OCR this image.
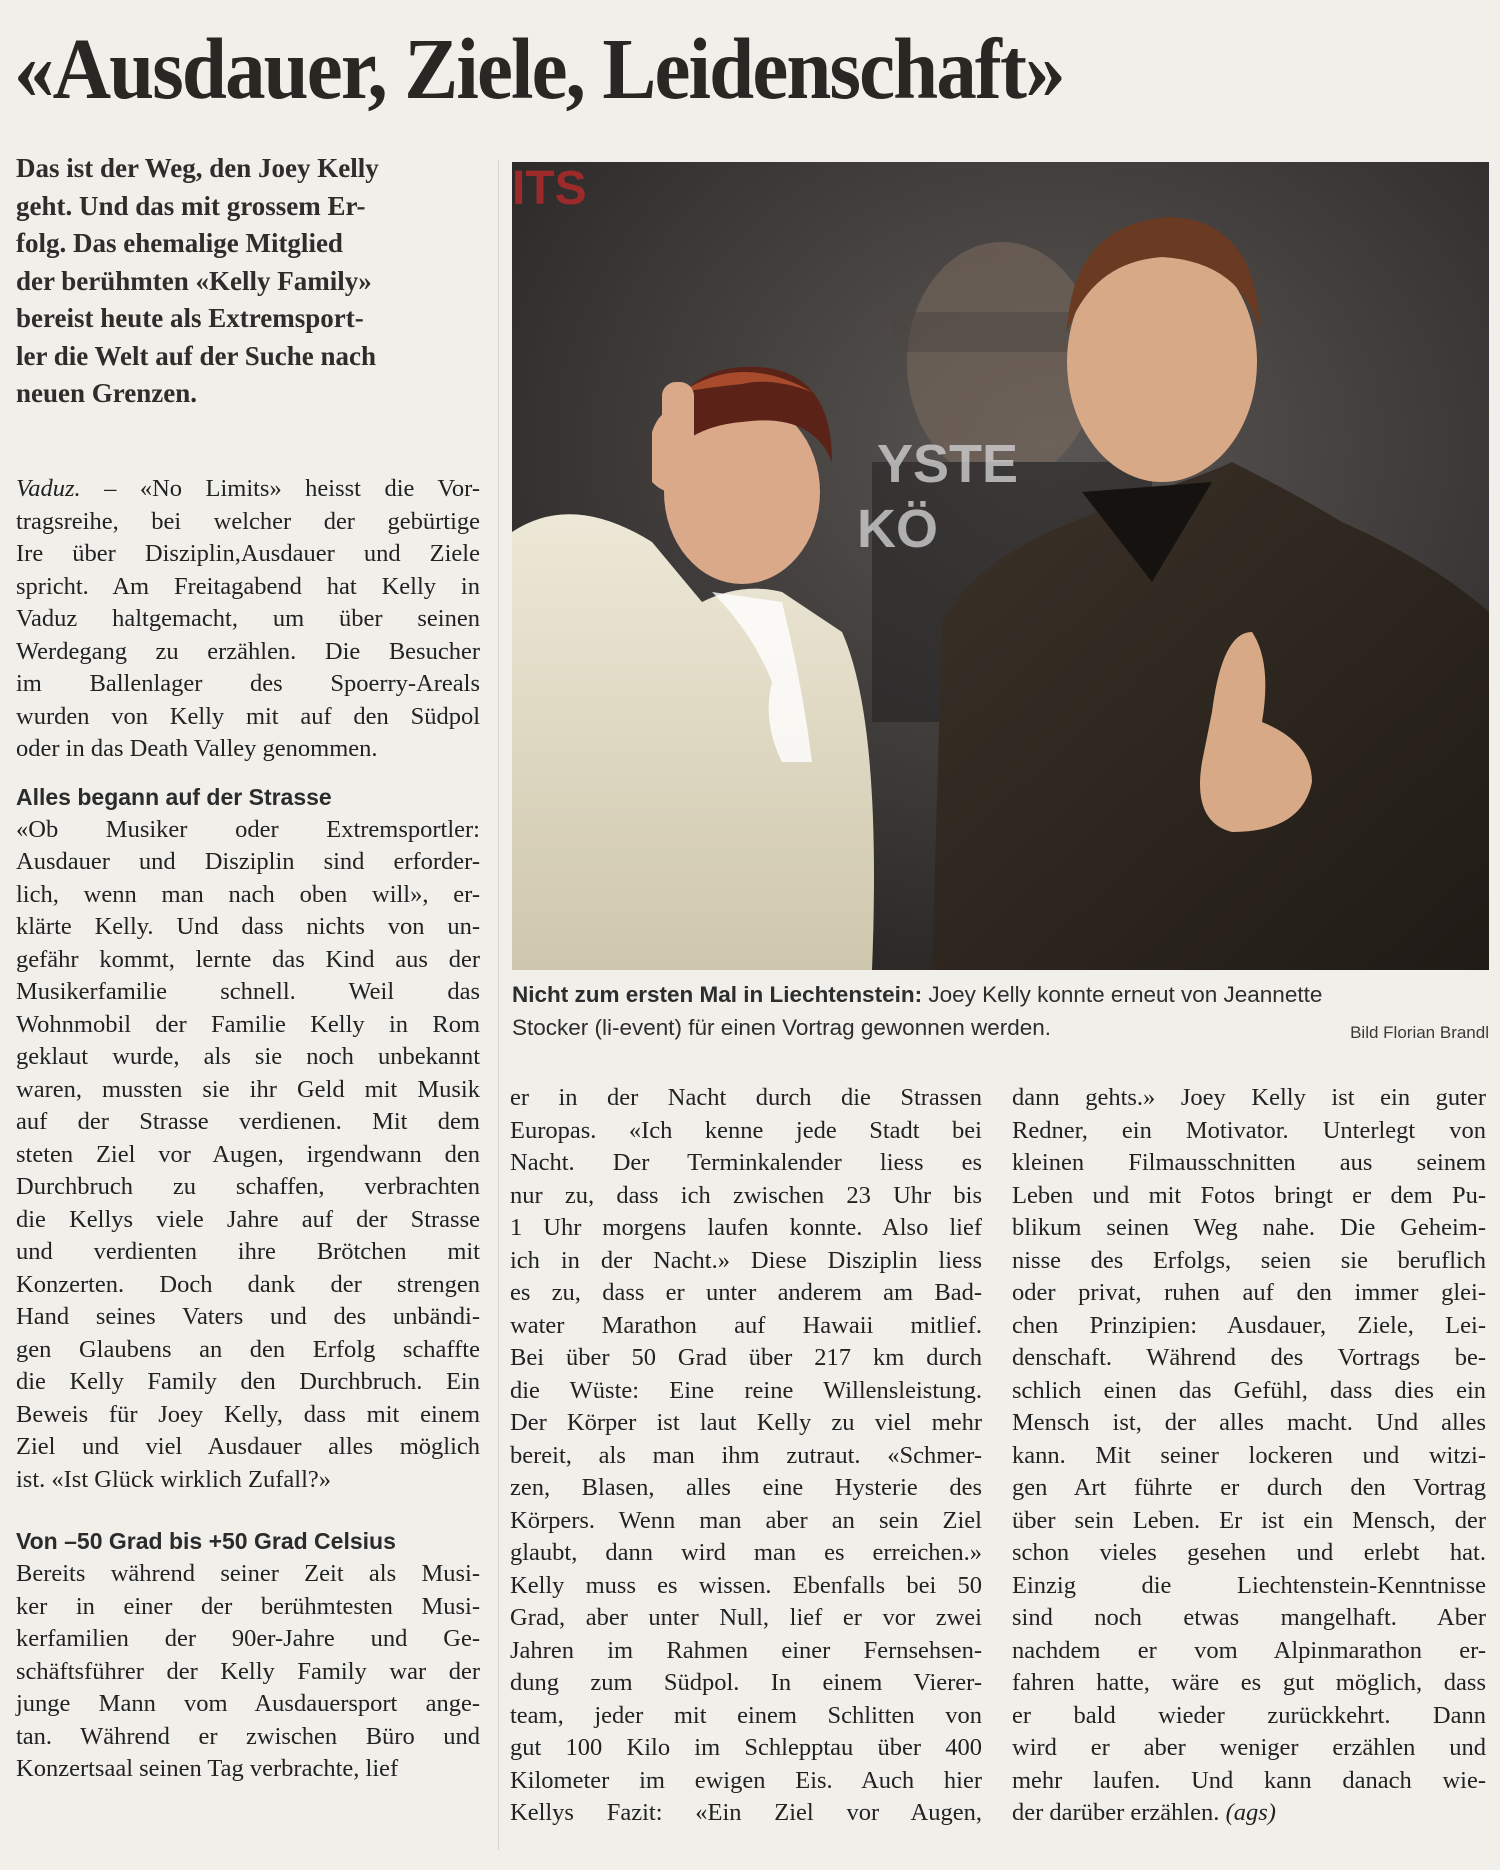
«Ausdauer, Ziele, Leidenschaft»
Das ist der Weg, den Joey Kelly
geht. Und das mit grossem Er-
folg. Das ehemalige Mitglied
der berühmten «Kelly Family»
bereist heute als Extremsport-
ler die Welt auf der Suche nach
neuen Grenzen.
Vaduz. – «No Limits» heisst die Vor-
tragsreihe, bei welcher der gebürtige
Ire über Disziplin,Ausdauer und Ziele
spricht. Am Freitagabend hat Kelly in
Vaduz haltgemacht, um über seinen
Werdegang zu erzählen. Die Besucher
im Ballenlager des Spoerry-Areals
wurden von Kelly mit auf den Südpol
oder in das Death Valley genommen.
Alles begann auf der Strasse
«Ob Musiker oder Extremsportler:
Ausdauer und Disziplin sind erforder-
lich, wenn man nach oben will», er-
klärte Kelly. Und dass nichts von un-
gefähr kommt, lernte das Kind aus der
Musikerfamilie schnell. Weil das
Wohnmobil der Familie Kelly in Rom
geklaut wurde, als sie noch unbekannt
waren, mussten sie ihr Geld mit Musik
auf der Strasse verdienen. Mit dem
steten Ziel vor Augen, irgendwann den
Durchbruch zu schaffen, verbrachten
die Kellys viele Jahre auf der Strasse
und verdienten ihre Brötchen mit
Konzerten. Doch dank der strengen
Hand seines Vaters und des unbändi-
gen Glaubens an den Erfolg schaffte
die Kelly Family den Durchbruch. Ein
Beweis für Joey Kelly, dass mit einem
Ziel und viel Ausdauer alles möglich
ist. «Ist Glück wirklich Zufall?»
Von –50 Grad bis +50 Grad Celsius
Bereits während seiner Zeit als Musi-
ker in einer der berühmtesten Musi-
kerfamilien der 90er-Jahre und Ge-
schäftsführer der Kelly Family war der
junge Mann vom Ausdauersport ange-
tan. Während er zwischen Büro und
Konzertsaal seinen Tag verbrachte, lief
ITS
YSTE
KÖ
Nicht zum ersten Mal in Liechtenstein: Joey Kelly konnte erneut von Jeannette
Stocker (li-event) für einen Vortrag gewonnen werden.	Bild Florian Brandl
er in der Nacht durch die Strassen
Europas. «Ich kenne jede Stadt bei
Nacht. Der Terminkalender liess es
nur zu, dass ich zwischen 23 Uhr bis
1 Uhr morgens laufen konnte. Also lief
ich in der Nacht.» Diese Disziplin liess
es zu, dass er unter anderem am Bad-
water Marathon auf Hawaii mitlief.
Bei über 50 Grad über 217 km durch
die Wüste: Eine reine Willensleistung.
Der Körper ist laut Kelly zu viel mehr
bereit, als man ihm zutraut. «Schmer-
zen, Blasen, alles eine Hysterie des
Körpers. Wenn man aber an sein Ziel
glaubt, dann wird man es erreichen.»
Kelly muss es wissen. Ebenfalls bei 50
Grad, aber unter Null, lief er vor zwei
Jahren im Rahmen einer Fernsehsen-
dung zum Südpol. In einem Vierer-
team, jeder mit einem Schlitten von
gut 100 Kilo im Schlepptau über 400
Kilometer im ewigen Eis. Auch hier
Kellys Fazit: «Ein Ziel vor Augen,
dann gehts.» Joey Kelly ist ein guter
Redner, ein Motivator. Unterlegt von
kleinen Filmausschnitten aus seinem
Leben und mit Fotos bringt er dem Pu-
blikum seinen Weg nahe. Die Geheim-
nisse des Erfolgs, seien sie beruflich
oder privat, ruhen auf den immer glei-
chen Prinzipien: Ausdauer, Ziele, Lei-
denschaft. Während des Vortrags be-
schlich einen das Gefühl, dass dies ein
Mensch ist, der alles macht. Und alles
kann. Mit seiner lockeren und witzi-
gen Art führte er durch den Vortrag
über sein Leben. Er ist ein Mensch, der
schon vieles gesehen und erlebt hat.
Einzig die Liechtenstein-Kenntnisse
sind noch etwas mangelhaft. Aber
nachdem er vom Alpinmarathon er-
fahren hatte, wäre es gut möglich, dass
er bald wieder zurückkehrt. Dann
wird er aber weniger erzählen und
mehr laufen. Und kann danach wie-
der darüber erzählen. (ags)
